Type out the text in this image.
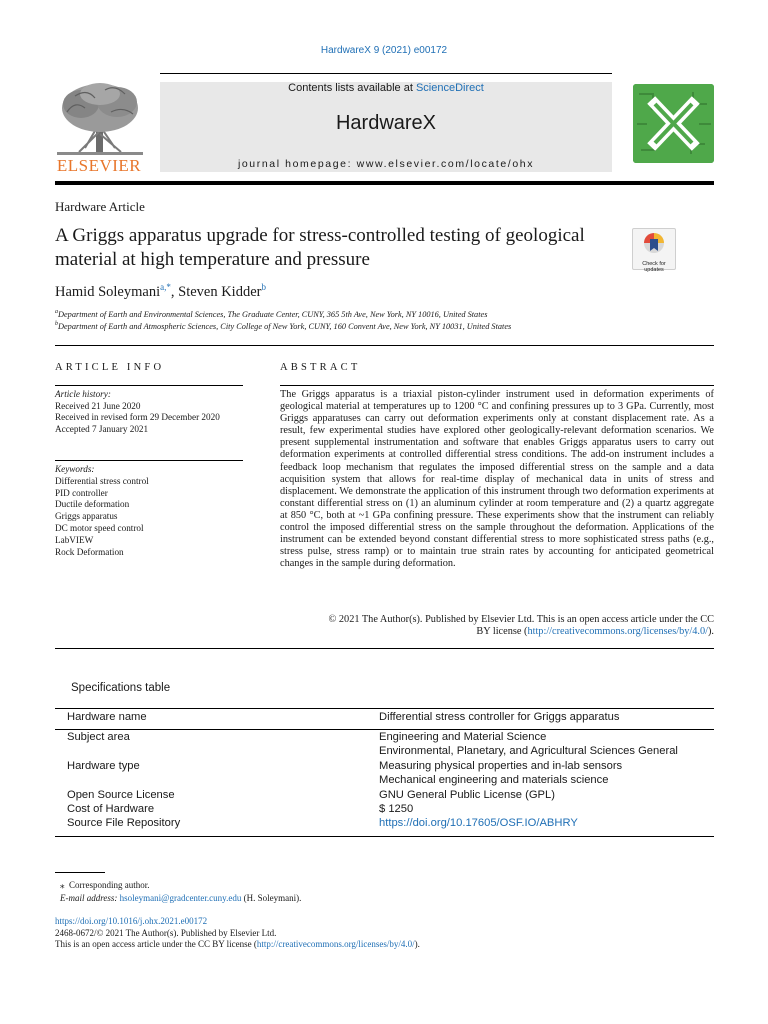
HardwareX 9 (2021) e00172
ELSEVIER
Contents lists available at ScienceDirect
HardwareX
journal homepage: www.elsevier.com/locate/ohx
Hardware Article
A Griggs apparatus upgrade for stress-controlled testing of geological material at high temperature and pressure	Check for updates
Hamid Soleymani$^{a,*}$, Steven Kidder$^b$
$^a$Department of Earth and Environmental Sciences, The Graduate Center, CUNY, 365 5th Ave, New York, NY 10016, United States
$^b$Department of Earth and Atmospheric Sciences, City College of New York, CUNY, 160 Convent Ave, New York, NY 10031, United States
ARTICLE INFO
Article history:
Received 21 June 2020
Received in revised form 29 December 2020
Accepted 7 January 2021
Keywords:
Differential stress control
PID controller
Ductile deformation
Griggs apparatus
DC motor speed control
LabVIEW
Rock Deformation
ABSTRACT
The Griggs apparatus is a triaxial piston-cylinder instrument used in deformation experiments of geological material at temperatures up to 1200 °C and confining pressures up to 3 GPa. Currently, most Griggs apparatuses can carry out deformation experiments only at constant displacement rate. As a result, few experimental studies have explored other geologically-relevant deformation scenarios. We present supplemental instrumentation and software that enables Griggs apparatus users to carry out deformation experiments at controlled differential stress conditions. The add-on instrument includes a feedback loop mechanism that regulates the imposed differential stress on the sample and a data acquisition system that allows for real-time display of mechanical data in units of stress and displacement. We demonstrate the application of this instrument through two deformation experiments at constant differential stress on (1) an aluminum cylinder at room temperature and (2) a quartz aggregate at 850 °C, both at ~1 GPa confining pressure. These experiments show that the instrument can reliably control the imposed differential stress on the sample throughout the deformation. Applications of the instrument can be extended beyond constant differential stress to more sophisticated stress paths (e.g., stress pulse, stress ramp) or to maintain true strain rates by accounting for anticipated geometrical changes in the sample during deformation.
© 2021 The Author(s). Published by Elsevier Ltd. This is an open access article under the CC
BY license (http://creativecommons.org/licenses/by/4.0/).
Specifications table
Hardware name	Differential stress controller for Griggs apparatus
Subject area	Engineering and Material Science
Environmental, Planetary, and Agricultural Sciences General
Hardware type	Measuring physical properties and in-lab sensors
Mechanical engineering and materials science
Open Source License	GNU General Public License (GPL)
Cost of Hardware	$ 1250
Source File Repository	https://doi.org/10.17605/OSF.IO/ABHRY
⁎ Corresponding author.
E-mail address: hsoleymani@gradcenter.cuny.edu (H. Soleymani).
https://doi.org/10.1016/j.ohx.2021.e00172
2468-0672/© 2021 The Author(s). Published by Elsevier Ltd.
This is an open access article under the CC BY license (http://creativecommons.org/licenses/by/4.0/).
